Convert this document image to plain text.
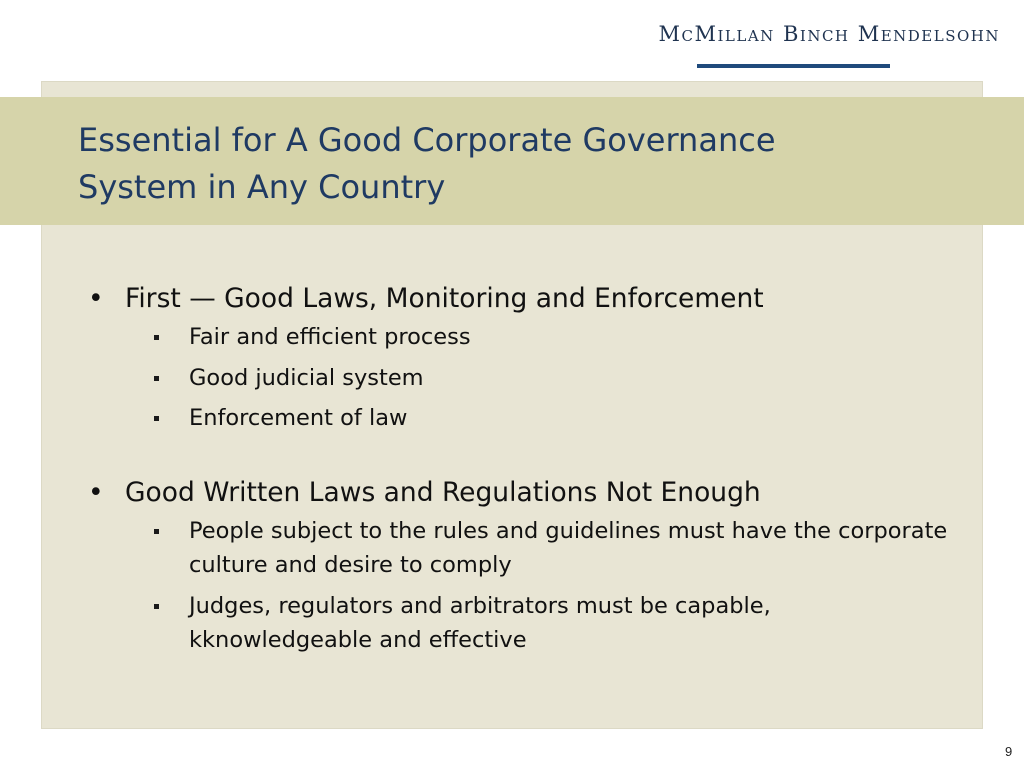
McMillan Binch Mendelsohn
Essential for A Good Corporate Governance
System in Any Country
• First — Good Laws, Monitoring and Enforcement
Fair and efficient process
Good judicial system
Enforcement of law
• Good Written Laws and Regulations Not Enough
People subject to the rules and guidelines must have the corporate culture and desire to comply
Judges, regulators and arbitrators must be capable, kknowledgeable and effective
9
